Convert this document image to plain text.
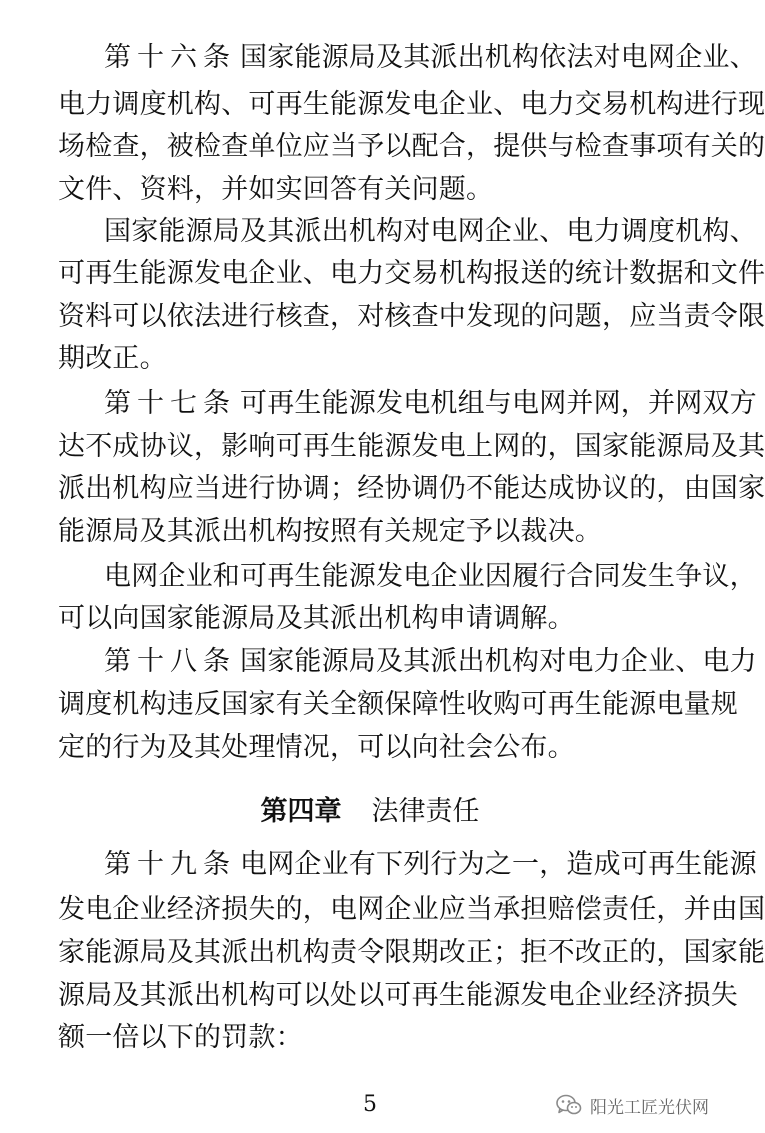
第十六条 国家能源局及其派出机构依法对电网企业、
电力调度机构、可再生能源发电企业、电力交易机构进行现
场检查，被检查单位应当予以配合，提供与检查事项有关的
文件、资料，并如实回答有关问题。
国家能源局及其派出机构对电网企业、电力调度机构、
可再生能源发电企业、电力交易机构报送的统计数据和文件
资料可以依法进行核查，对核查中发现的问题，应当责令限
期改正。
第十七条 可再生能源发电机组与电网并网，并网双方
达不成协议，影响可再生能源发电上网的，国家能源局及其
派出机构应当进行协调；经协调仍不能达成协议的，由国家
能源局及其派出机构按照有关规定予以裁决。
电网企业和可再生能源发电企业因履行合同发生争议，
可以向国家能源局及其派出机构申请调解。
第十八条 国家能源局及其派出机构对电力企业、电力
调度机构违反国家有关全额保障性收购可再生能源电量规
定的行为及其处理情况，可以向社会公布。
第四章 法律责任
第十九条 电网企业有下列行为之一，造成可再生能源
发电企业经济损失的，电网企业应当承担赔偿责任，并由国
家能源局及其派出机构责令限期改正；拒不改正的，国家能
源局及其派出机构可以处以可再生能源发电企业经济损失
额一倍以下的罚款：
5	阳光工匠光伏网
